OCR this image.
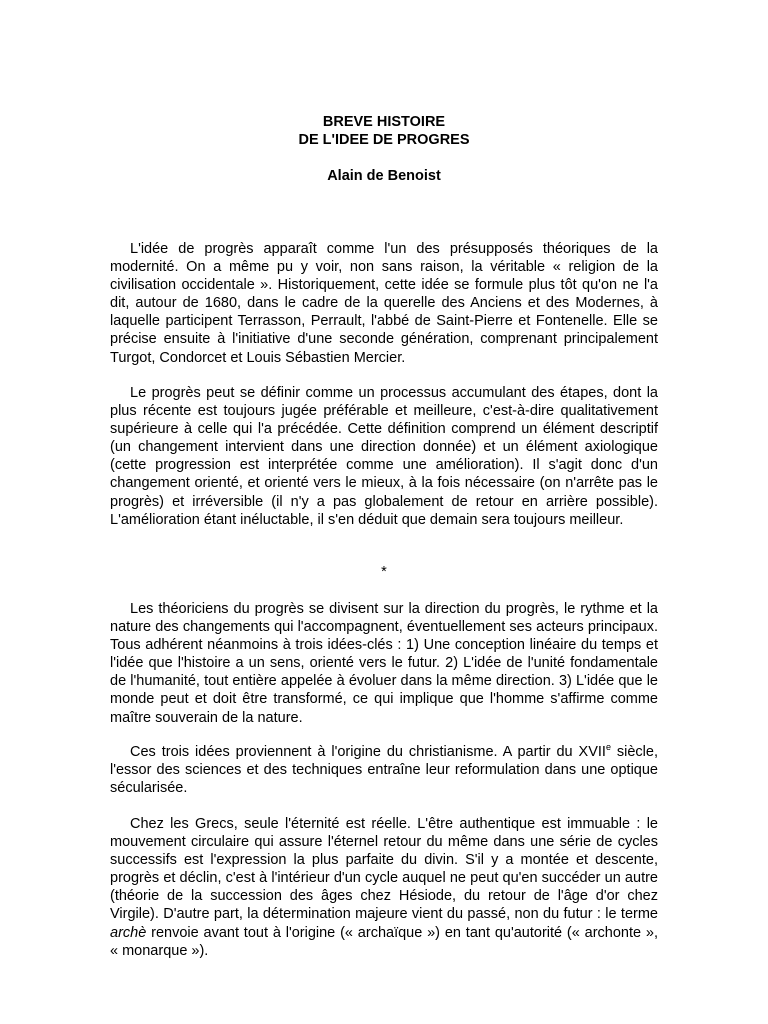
BREVE HISTOIRE
DE L'IDEE DE PROGRES
Alain de Benoist

L'idée de progrès apparaît comme l'un des présupposés théoriques de la modernité. On a même pu y voir, non sans raison, la véritable « religion de la civilisation occidentale ». Historiquement, cette idée se formule plus tôt qu'on ne l'a dit, autour de 1680, dans le cadre de la querelle des Anciens et des Modernes, à laquelle participent Terrasson, Perrault, l'abbé de Saint-Pierre et Fontenelle. Elle se précise ensuite à l'initiative d'une seconde génération, comprenant principalement Turgot, Condorcet et Louis Sébastien Mercier.

Le progrès peut se définir comme un processus accumulant des étapes, dont la plus récente est toujours jugée préférable et meilleure, c'est-à-dire qualitativement supérieure à celle qui l'a précédée. Cette définition comprend un élément descriptif (un changement intervient dans une direction donnée) et un élément axiologique (cette progression est interprétée comme une amélioration). Il s'agit donc d'un changement orienté, et orienté vers le mieux, à la fois nécessaire (on n'arrête pas le progrès) et irréversible (il n'y a pas globalement de retour en arrière possible). L'amélioration étant inéluctable, il s'en déduit que demain sera toujours meilleur.

*

Les théoriciens du progrès se divisent sur la direction du progrès, le rythme et la nature des changements qui l'accompagnent, éventuellement ses acteurs principaux. Tous adhérent néanmoins à trois idées-clés : 1) Une conception linéaire du temps et l'idée que l'histoire a un sens, orienté vers le futur. 2) L'idée de l'unité fondamentale de l'humanité, tout entière appelée à évoluer dans la même direction. 3) L'idée que le monde peut et doit être transformé, ce qui implique que l'homme s'affirme comme maître souverain de la nature.

Ces trois idées proviennent à l'origine du christianisme. A partir du XVIIe siècle, l'essor des sciences et des techniques entraîne leur reformulation dans une optique sécularisée.

Chez les Grecs, seule l'éternité est réelle. L'être authentique est immuable : le mouvement circulaire qui assure l'éternel retour du même dans une série de cycles successifs est l'expression la plus parfaite du divin. S'il y a montée et descente, progrès et déclin, c'est à l'intérieur d'un cycle auquel ne peut qu'en succéder un autre (théorie de la succession des âges chez Hésiode, du retour de l'âge d'or chez Virgile). D'autre part, la détermination majeure vient du passé, non du futur : le terme archè renvoie avant tout à l'origine (« archaïque ») en tant qu'autorité (« archonte », « monarque »).
